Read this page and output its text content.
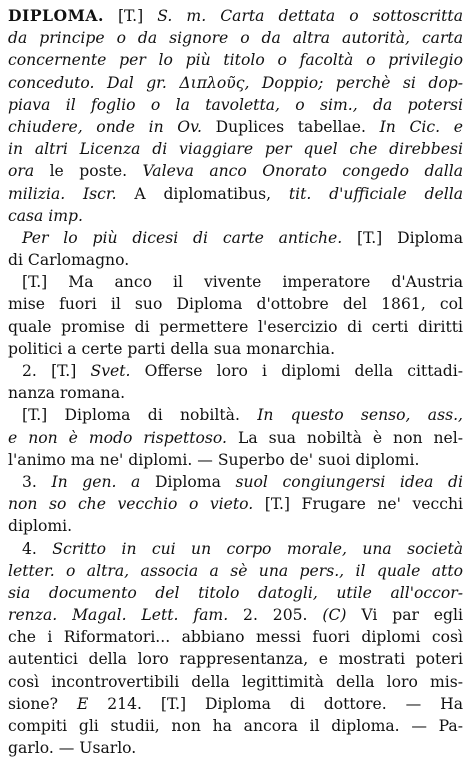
DIPLOMA. [T.] S. m. Carta dettata o sottoscritta
da principe o da signore o da altra autorità, carta
concernente per lo più titolo o facoltà o privilegio
conceduto. Dal gr. Διπλοῦς, Doppio; perchè si dop-
piava il foglio o la tavoletta, o sim., da potersi
chiudere, onde in Ov. Duplices tabellae. In Cic. e
in altri Licenza di viaggiare per quel che direbbesi
ora le poste. Valeva anco Onorato congedo dalla
milizia. Iscr. A diplomatibus, tit. d'ufficiale della
casa imp.
Per lo più dicesi di carte antiche. [T.] Diploma
di Carlomagno.
[T.] Ma anco il vivente imperatore d'Austria
mise fuori il suo Diploma d'ottobre del 1861, col
quale promise di permettere l'esercizio di certi diritti
politici a certe parti della sua monarchia.
2. [T.] Svet. Offerse loro i diplomi della cittadi-
nanza romana.
[T.] Diploma di nobiltà. In questo senso, ass.,
e non è modo rispettoso. La sua nobiltà è non nel-
l'animo ma ne' diplomi. — Superbo de' suoi diplomi.
3. In gen. a Diploma suol congiungersi idea di
non so che vecchio o vieto. [T.] Frugare ne' vecchi
diplomi.
4. Scritto in cui un corpo morale, una società
letter. o altra, associa a sè una pers., il quale atto
sia documento del titolo datogli, utile all'occor-
renza. Magal. Lett. fam. 2. 205. (C) Vi par egli
che i Riformatori... abbiano messi fuori diplomi così
autentici della loro rappresentanza, e mostrati poteri
così incontrovertibili della legittimità della loro mis-
sione? E 214. [T.] Diploma di dottore. — Ha
compiti gli studii, non ha ancora il diploma. — Pa-
garlo. — Usarlo.
